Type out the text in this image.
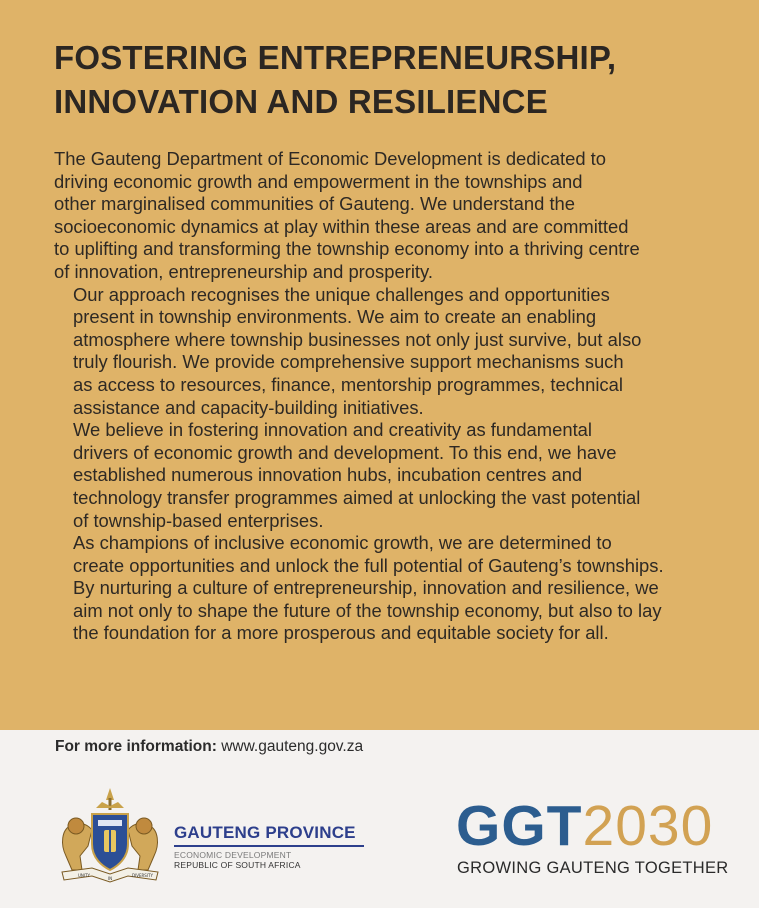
FOSTERING ENTREPRENEURSHIP,
INNOVATION AND RESILIENCE

The Gauteng Department of Economic Development is dedicated to
driving economic growth and empowerment in the townships and
other marginalised communities of Gauteng. We understand the
socioeconomic dynamics at play within these areas and are committed
to uplifting and transforming the township economy into a thriving centre
of innovation, entrepreneurship and prosperity.

Our approach recognises the unique challenges and opportunities
present in township environments. We aim to create an enabling
atmosphere where township businesses not only just survive, but also
truly flourish. We provide comprehensive support mechanisms such
as access to resources, finance, mentorship programmes, technical
assistance and capacity-building initiatives.

We believe in fostering innovation and creativity as fundamental
drivers of economic growth and development. To this end, we have
established numerous innovation hubs, incubation centres and
technology transfer programmes aimed at unlocking the vast potential
of township-based enterprises.

As champions of inclusive economic growth, we are determined to
create opportunities and unlock the full potential of Gauteng’s townships.
By nurturing a culture of entrepreneurship, innovation and resilience, we
aim not only to shape the future of the township economy, but also to lay
the foundation for a more prosperous and equitable society for all.

For more information: www.gauteng.gov.za
UNITY
IN
DIVERSITY
GAUTENG PROVINCE
ECONOMIC DEVELOPMENT
REPUBLIC OF SOUTH AFRICA
GGT2030
GROWING GAUTENG TOGETHER
